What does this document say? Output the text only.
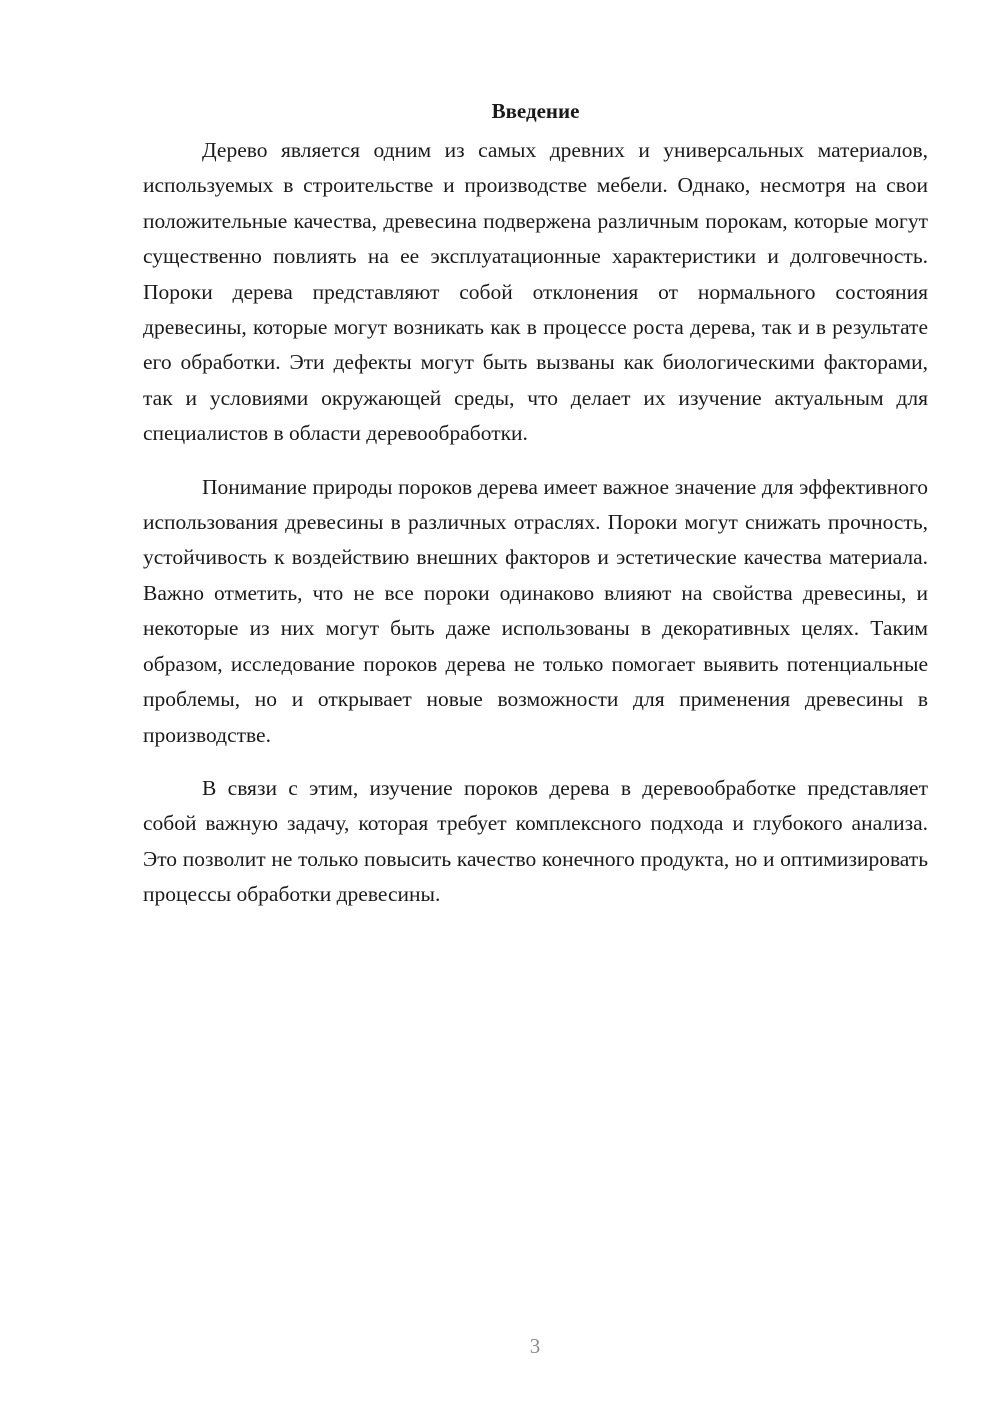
Введение

Дерево является одним из самых древних и универсальных материалов, используемых в строительстве и производстве мебели. Однако, несмотря на свои положительные качества, древесина подвержена различным порокам, которые могут существенно повлиять на ее эксплуатационные характеристики и долговечность. Пороки дерева представляют собой отклонения от нормального состояния древесины, которые могут возникать как в процессе роста дерева, так и в результате его обработки. Эти дефекты могут быть вызваны как биологическими факторами, так и условиями окружающей среды, что делает их изучение актуальным для специалистов в области деревообработки.

Понимание природы пороков дерева имеет важное значение для эффективного использования древесины в различных отраслях. Пороки могут снижать прочность, устойчивость к воздействию внешних факторов и эстетические качества материала. Важно отметить, что не все пороки одинаково влияют на свойства древесины, и некоторые из них могут быть даже использованы в декоративных целях. Таким образом, исследование пороков дерева не только помогает выявить потенциальные проблемы, но и открывает новые возможности для применения древесины в производстве.

В связи с этим, изучение пороков дерева в деревообработке представляет собой важную задачу, которая требует комплексного подхода и глубокого анализа. Это позволит не только повысить качество конечного продукта, но и оптимизировать процессы обработки древесины.

3
